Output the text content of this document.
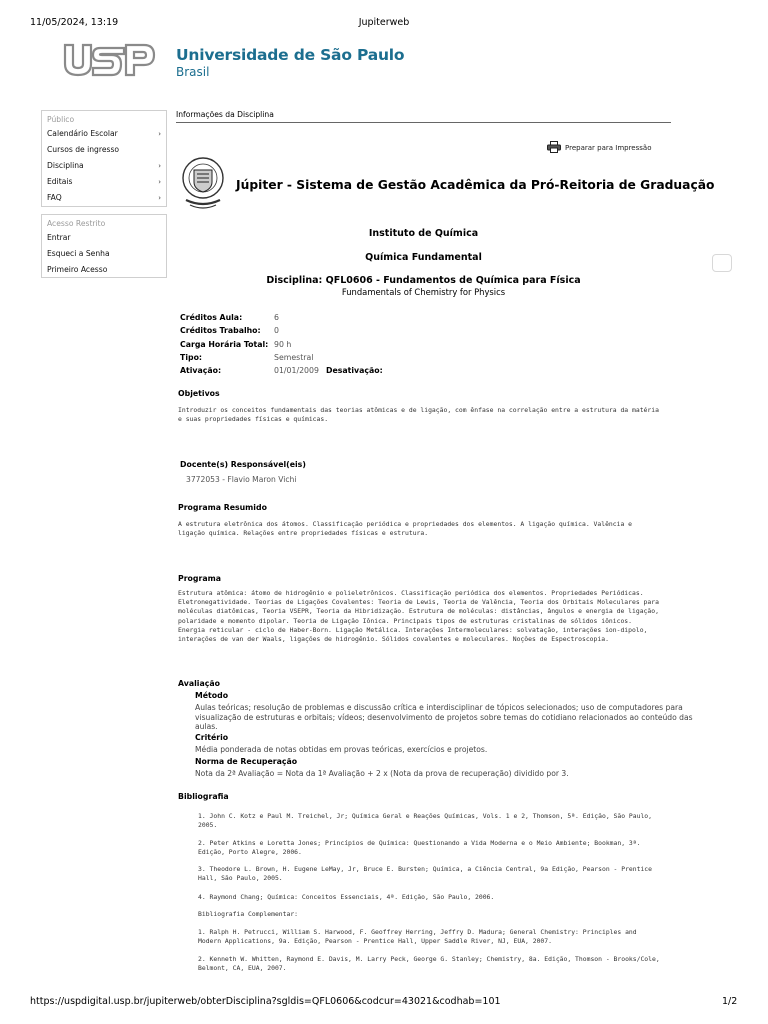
11/05/2024, 13:19	Jupiterweb
Universidade de São Paulo
Brasil
Público
Calendário Escolar	›
Cursos de ingresso
Disciplina	›
Editais	›
FAQ	›
Acesso Restrito
Entrar
Esqueci a Senha
Primeiro Acesso
Informações da Disciplina
Preparar para Impressão
Júpiter - Sistema de Gestão Acadêmica da Pró-Reitoria de Graduação
Instituto de Química
Química Fundamental
Disciplina: QFL0606 - Fundamentos de Química para Física
Fundamentals of Chemistry for Physics
Créditos Aula:	6
Créditos Trabalho: 0
Carga Horária Total: 90 h
Tipo:	Semestral
Ativação:	01/01/2009 Desativação:
Objetivos
Introduzir os conceitos fundamentais das teorias atômicas e de ligação, com ênfase na correlação entre a estrutura da matéria
e suas propriedades físicas e químicas.
Docente(s) Responsável(eis)
3772053 - Flavio Maron Vichi
Programa Resumido
A estrutura eletrônica dos átomos. Classificação periódica e propriedades dos elementos. A ligação química. Valência e
ligação química. Relações entre propriedades físicas e estrutura.
Programa
Estrutura atômica: átomo de hidrogênio e polieletrônicos. Classificação periódica dos elementos. Propriedades Periódicas.
Eletronegatividade. Teorias de Ligações Covalentes: Teoria de Lewis, Teoria de Valência, Teoria dos Orbitais Moleculares para
moléculas diatômicas, Teoria VSEPR, Teoria da Hibridização. Estrutura de moléculas: distâncias, ângulos e energia de ligação,
polaridade e momento dipolar. Teoria de Ligação Iônica. Principais tipos de estruturas cristalinas de sólidos iônicos.
Energia reticular - ciclo de Haber-Born. Ligação Metálica. Interações Intermoleculares: solvatação, interações ion-dipolo,
interações de van der Waals, ligações de hidrogênio. Sólidos covalentes e moleculares. Noções de Espectroscopia.
Avaliação
Método
Aulas teóricas; resolução de problemas e discussão crítica e interdisciplinar de tópicos selecionados; uso de computadores para
visualização de estruturas e orbitais; vídeos; desenvolvimento de projetos sobre temas do cotidiano relacionados ao conteúdo das
aulas.
Critério
Média ponderada de notas obtidas em provas teóricas, exercícios e projetos.
Norma de Recuperação
Nota da 2ª Avaliação = Nota da 1ª Avaliação + 2 x (Nota da prova de recuperação) dividido por 3.
Bibliografia
1. John C. Kotz e Paul M. Treichel, Jr; Química Geral e Reações Químicas, Vols. 1 e 2, Thomson, 5ª. Edição, São Paulo,
2005.
2. Peter Atkins e Loretta Jones; Princípios de Química: Questionando a Vida Moderna e o Meio Ambiente; Bookman, 3ª.
Edição, Porto Alegre, 2006.
3. Theodore L. Brown, H. Eugene LeMay, Jr, Bruce E. Bursten; Química, a Ciência Central, 9a Edição, Pearson - Prentice
Hall, São Paulo, 2005.
4. Raymond Chang; Química: Conceitos Essenciais, 4ª. Edição, São Paulo, 2006.
Bibliografia Complementar:
1. Ralph H. Petrucci, William S. Harwood, F. Geoffrey Herring, Jeffry D. Madura; General Chemistry: Principles and
Modern Applications, 9a. Edição, Pearson - Prentice Hall, Upper Saddle River, NJ, EUA, 2007.
2. Kenneth W. Whitten, Raymond E. Davis, M. Larry Peck, George G. Stanley; Chemistry, 8a. Edição, Thomson - Brooks/Cole,
Belmont, CA, EUA, 2007.
https://uspdigital.usp.br/jupiterweb/obterDisciplina?sgldis=QFL0606&codcur=43021&codhab=101	1/2
